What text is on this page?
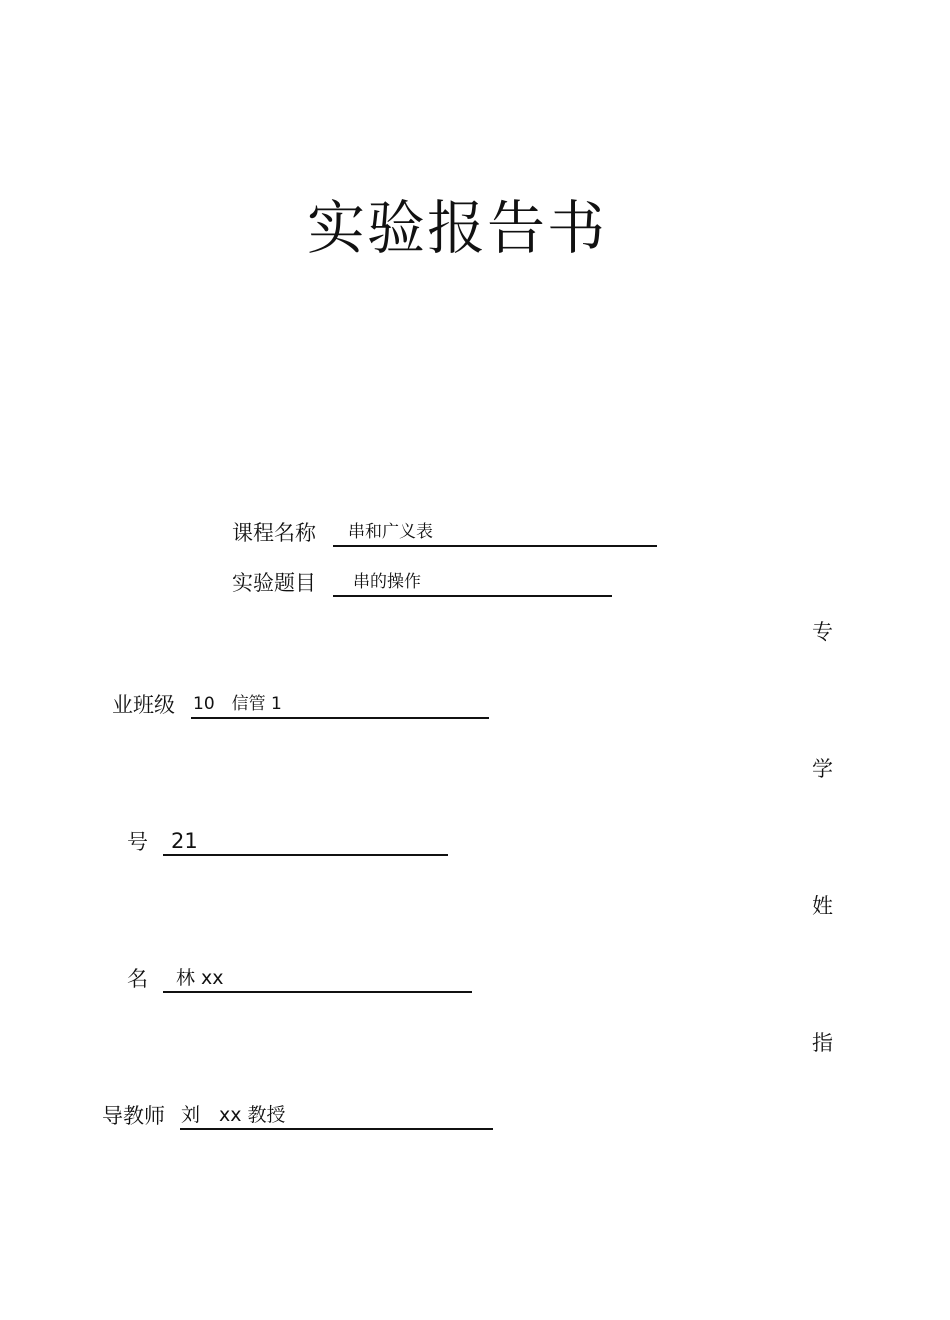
实验报告书
课程名称 串和广义表
实验题目 串的操作
专
学
姓
指
业班级 10　信管 1
号 21
名 林 xx
导教师 刘　xx 教授
